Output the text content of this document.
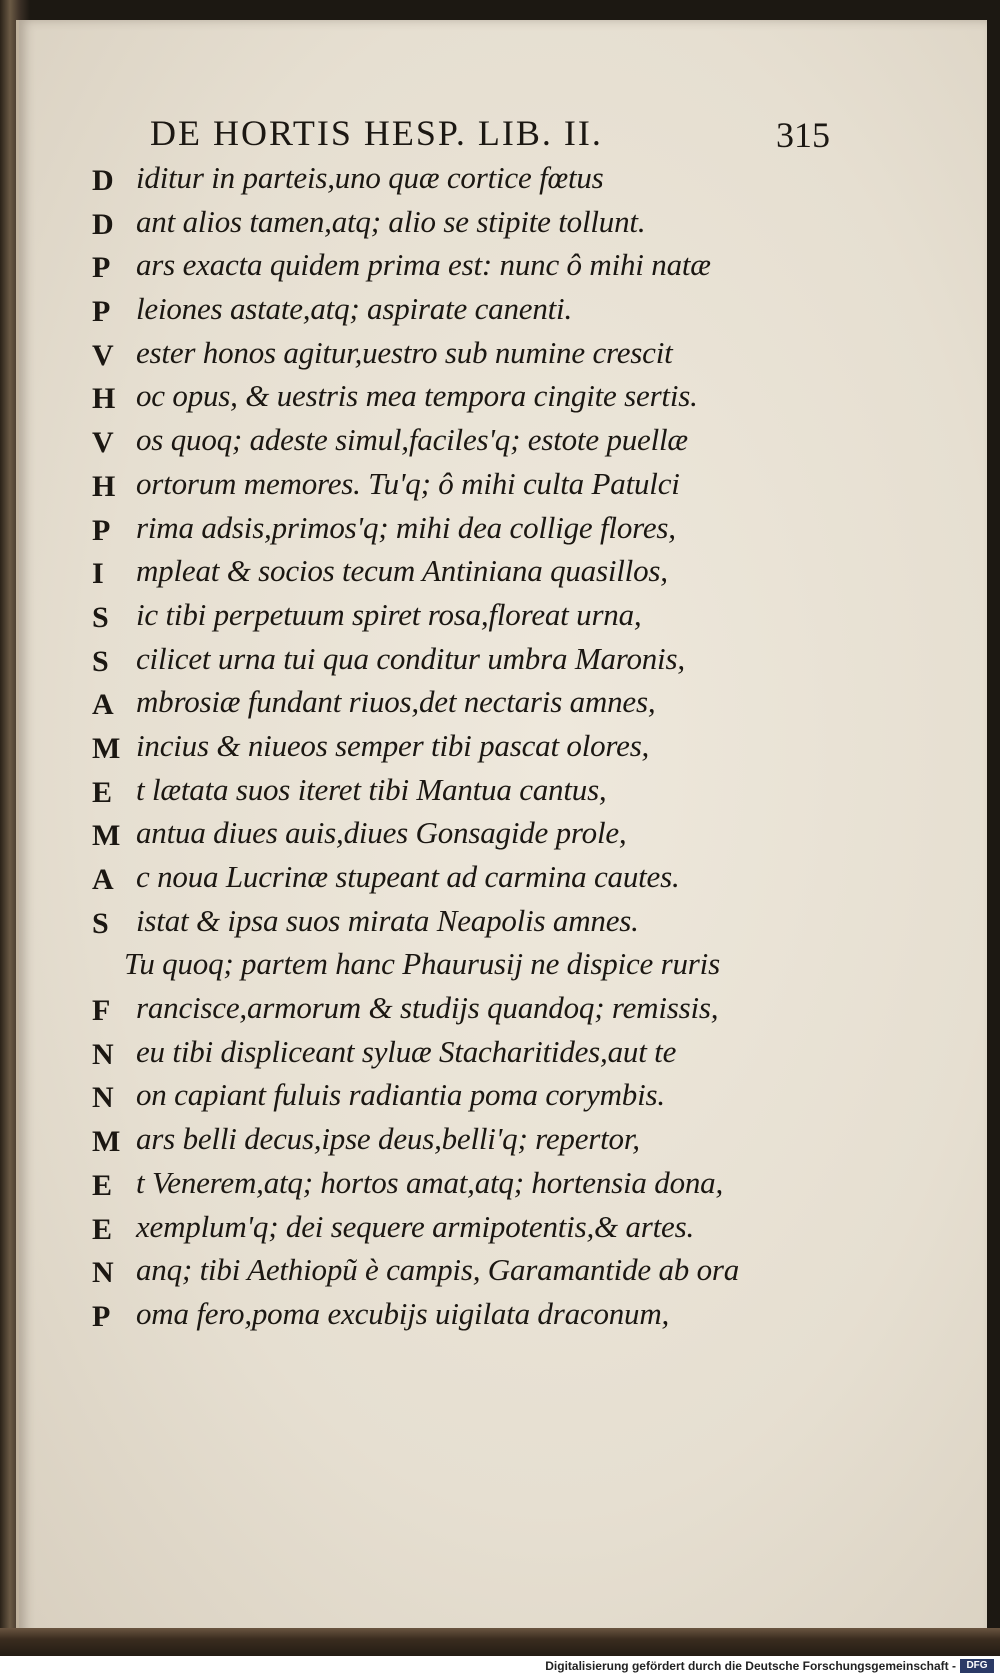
DE HORTIS HESP. LIB. II.	315
D iditur in parteis,uno quæ cortice fœtus
D ant alios tamen,atq; alio se stipite tollunt.
P ars exacta quidem prima est: nunc ô mihi natæ
P leiones astate,atq; aspirate canenti.
V ester honos agitur,uestro sub numine crescit
H oc opus, & uestris mea tempora cingite sertis.
V os quoq; adeste simul,faciles'q; estote puellæ
H ortorum memores. Tu'q; ô mihi culta Patulci
P rima adsis,primos'q; mihi dea collige flores,
I mpleat & socios tecum Antiniana quasillos,
S ic tibi perpetuum spiret rosa,floreat urna,
S cilicet urna tui qua conditur umbra Maronis,
A mbrosiæ fundant riuos,det nectaris amnes,
M incius & niueos semper tibi pascat olores,
E t lætata suos iteret tibi Mantua cantus,
M antua diues auis,diues Gonsagide prole,
A c noua Lucrinæ stupeant ad carmina cautes.
S istat & ipsa suos mirata Neapolis amnes.
Tu quoq; partem hanc Phaurusij ne dispice ruris
F rancisce,armorum & studijs quandoq; remissis,
N eu tibi displiceant syluæ Stacharitides,aut te
N on capiant fuluis radiantia poma corymbis.
M ars belli decus,ipse deus,belli'q; repertor,
E t Venerem,atq; hortos amat,atq; hortensia dona,
E xemplum'q; dei sequere armipotentis,& artes.
N anq; tibi Aethiopũ è campis, Garamantide ab ora
P oma fero,poma excubijs uigilata draconum,
Digitalisierung gefördert durch die Deutsche Forschungsgemeinschaft -	DFG
